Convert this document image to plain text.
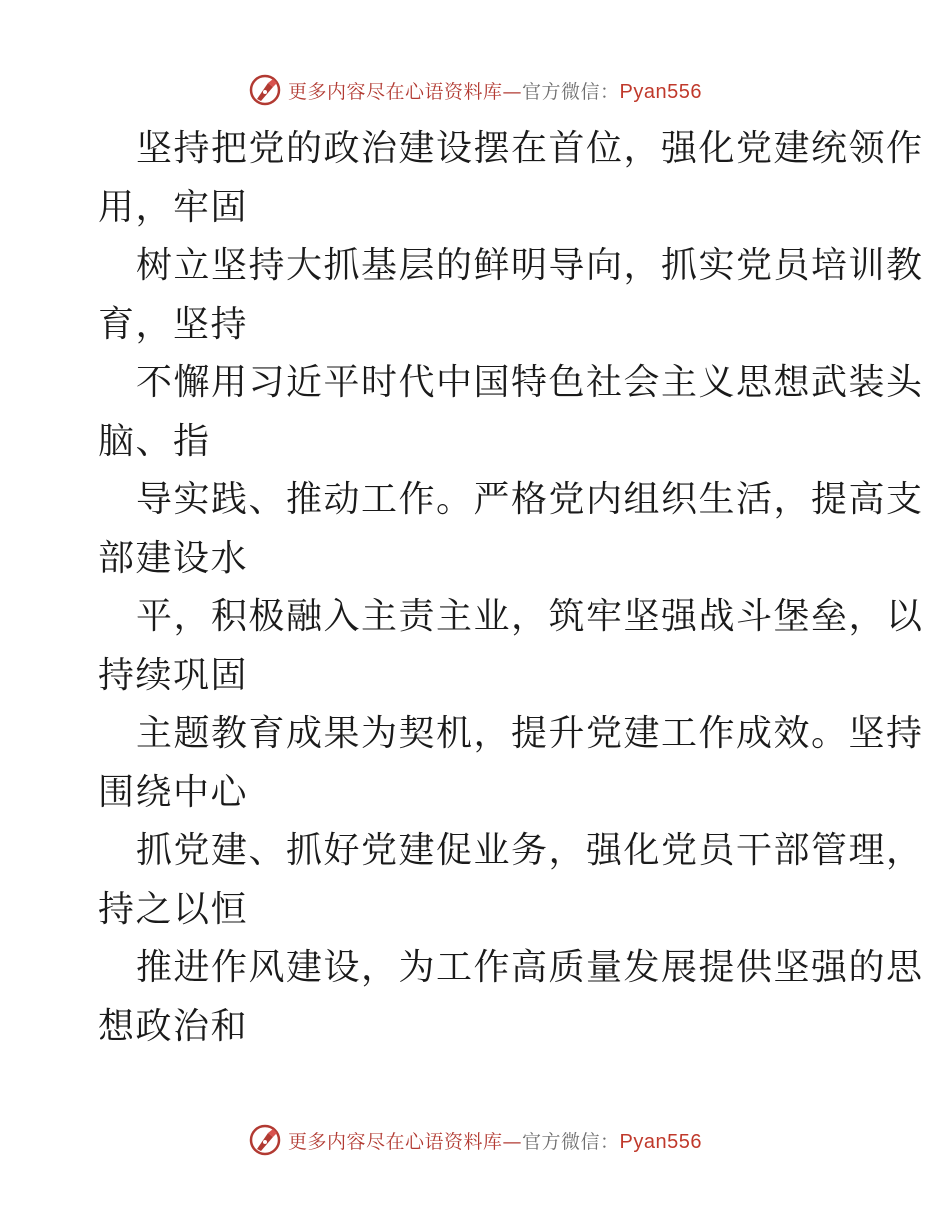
更多内容尽在心语资料库—官方微信：Pyan556
坚持把党的政治建设摆在首位，强化党建统领作
用，牢固
树立坚持大抓基层的鲜明导向，抓实党员培训教
育，坚持
不懈用习近平时代中国特色社会主义思想武装头
脑、指
导实践、推动工作。严格党内组织生活，提高支
部建设水
平，积极融入主责主业，筑牢坚强战斗堡垒，以
持续巩固
主题教育成果为契机，提升党建工作成效。坚持
围绕中心
抓党建、抓好党建促业务，强化党员干部管理，
持之以恒
推进作风建设，为工作高质量发展提供坚强的思
想政治和
更多内容尽在心语资料库—官方微信：Pyan556
